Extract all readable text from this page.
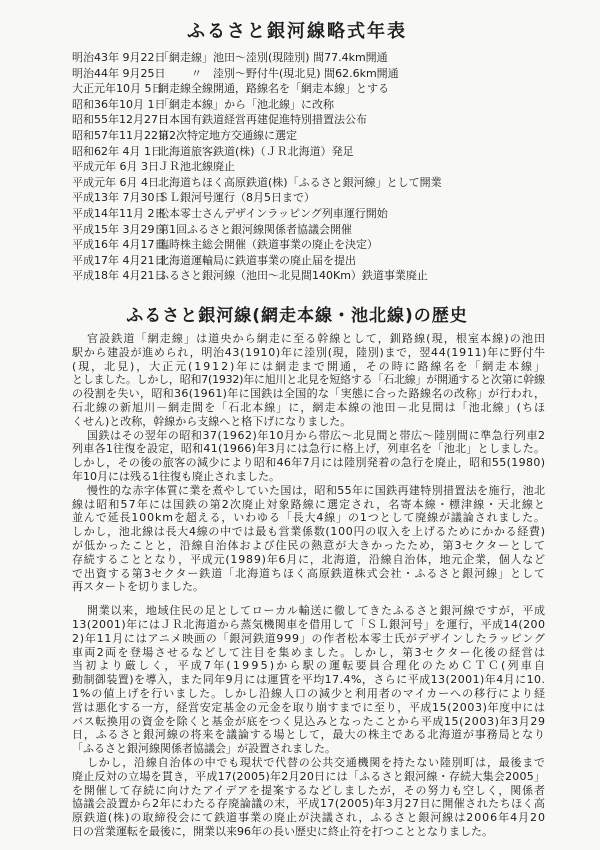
ふるさと銀河線略式年表
明治43年 9月22日
「網走線」池田～淕別(現陸別) 間77.4km開通
明治44年 9月25日
　　　〃　淕別～野付牛(現北見) 間62.6km開通
大正元年10月 5日
網走線全線開通，路線名を「網走本線」とする
昭和36年10月 1日
「網走本線」から「池北線」に改称
昭和55年12月27日
日本国有鉄道経営再建促進特別措置法公布
昭和57年11月22日
第2次特定地方交通線に選定
昭和62年 4月 1日
北海道旅客鉄道(株)（ＪＲ北海道）発足
平成元年 6月 3日 ＪＲ池北線廃止
平成元年 6月 4日 北海道ちほく高原鉄道(株)「ふるさと銀河線」として開業
平成13年 7月30日
ＳＬ銀河号運行（8月5日まで）
平成14年11月 2日
松本零士さんデザインラッピング列車運行開始
平成15年 3月29日
第1回ふるさと銀河線関係者協議会開催
平成16年 4月17日
臨時株主総会開催（鉄道事業の廃止を決定）
平成17年 4月21日
北海道運輸局に鉄道事業の廃止届を提出
平成18年 4月21日
ふるさと銀河線（池田～北見間140Km）鉄道事業廃止
ふるさと銀河線(網走本線・池北線)の歴史
官設鉄道「網走線」は道央から網走に至る幹線として，釧路線(現，根室本線)の池田
駅から建設が進められ，明治43(1910)年に淕別(現，陸別)まで，翌44(1911)年に野付牛
(現，北見)，大正元(1912)年には網走まで開通，その時に路線名を「網走本線」
としました。しかし，昭和7(1932)年に旭川と北見を短絡する「石北線」が開通すると次第に幹線
の役割を失い，昭和36(1961)年に国鉄は全国的な「実態に合った路線名の改称」が行われ，
石北線の新旭川－網走間を「石北本線」に，網走本線の池田－北見間は「池北線」(ちほ
くせん)と改称，幹線から支線へと格下げになりました。
国鉄はその翌年の昭和37(1962)年10月から帯広～北見間と帯広～陸別間に準急行列車2
列車各1往復を設定，昭和41(1966)年3月には急行に格上げ，列車名を「池北」としました。
しかし，その後の旅客の減少により昭和46年7月には陸別発着の急行を廃止，昭和55(1980)
年10月には残る1往復も廃止されました。
慢性的な赤字体質に業を煮やしていた国は，昭和55年に国鉄再建特別措置法を施行，池北
線は昭和57年には国鉄の第2次廃止対象路線に選定され，名寄本線・標津線・天北線と
並んで延長100kmを超える，いわゆる「長大4線」の1つとして廃線が議論されました。
しかし，池北線は長大4線の中では最も営業係数(100円の収入を上げるためにかかる経費)
が低かったことと，沿線自治体および住民の熱意が大きかったため，第3セクターとして
存続することとなり，平成元(1989)年6月に，北海道，沿線自治体，地元企業，個人など
で出資する第3セクター鉄道「北海道ちほく高原鉄道株式会社・ふるさと銀河線」として
再スタートを切りました。
開業以来，地域住民の足としてローカル輸送に徹してきたふるさと銀河線ですが，平成
13(2001)年にはＪＲ北海道から蒸気機関車を借用して「ＳＬ銀河号」を運行，平成14(200
2)年11月にはアニメ映画の「銀河鉄道999」の作者松本零士氏がデザインしたラッピング
車両2両を登場させるなどして注目を集めました。しかし，第3セクター化後の経営は
当初より厳しく，平成7年(1995)から駅の運転要員合理化のためＣＴＣ(列車自
動制御装置)を導入，また同年9月には運賃を平均17.4%，さらに平成13(2001)年4月に10.
1%の値上げを行いました。しかし沿線人口の減少と利用者のマイカーへの移行により経
営は悪化する一方，経営安定基金の元金を取り崩すまでに至り，平成15(2003)年度中には
バス転換用の資金を除くと基金が底をつく見込みとなったことから平成15(2003)年3月29
日，ふるさと銀河線の将来を議論する場として，最大の株主である北海道が事務局となり
「ふるさと銀河線関係者協議会」が設置されました。
しかし，沿線自治体の中でも現状で代替の公共交通機関を持たない陸別町は，最後まで
廃止反対の立場を貫き，平成17(2005)年2月20日には「ふるさと銀河線・存続大集会2005」
を開催して存続に向けたアイデアを提案するなどしましたが，その努力も空しく，関係者
協議会設置から2年にわたる存廃論議の末，平成17(2005)年3月27日に開催されたちほく高
原鉄道(株)の取締役会にて鉄道事業の廃止が決議され，ふるさと銀河線は2006年4月20
日の営業運転を最後に，開業以来96年の長い歴史に終止符を打つこととなりました。
